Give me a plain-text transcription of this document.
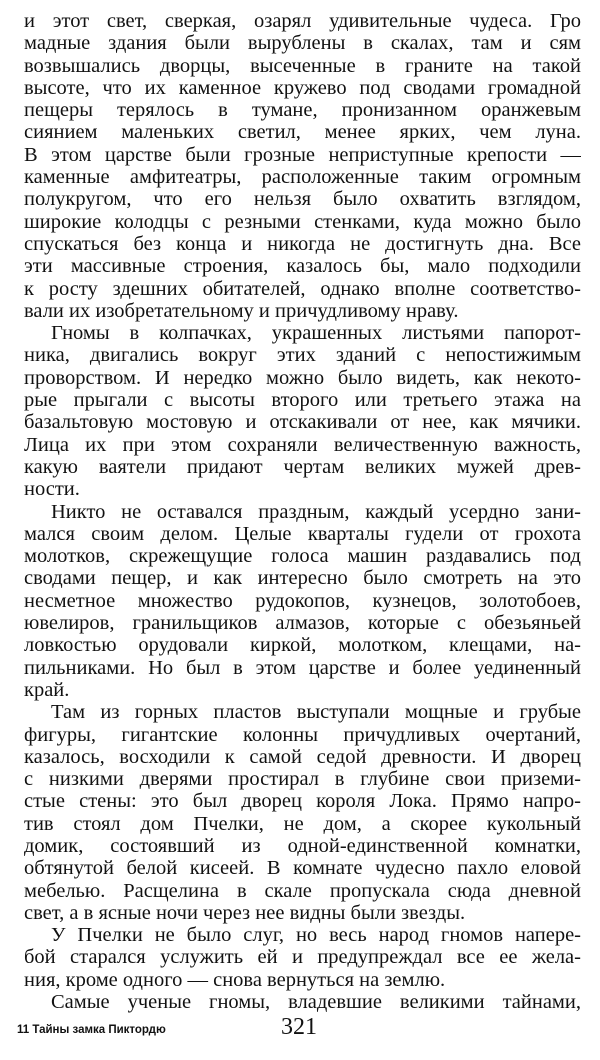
и этот свет, сверкая, озарял удивительные чудеса. Гро
мадные здания были вырублены в скалах, там и сям
возвышались дворцы, высеченные в граните на такой
высоте, что их каменное кружево под сводами громадной
пещеры терялось в тумане, пронизанном оранжевым
сиянием маленьких светил, менее ярких, чем луна.
В этом царстве были грозные неприступные крепости —
каменные амфитеатры, расположенные таким огромным
полукругом, что его нельзя было охватить взглядом,
широкие колодцы с резными стенками, куда можно было
спускаться без конца и никогда не достигнуть дна. Все
эти массивные строения, казалось бы, мало подходили
к росту здешних обитателей, однако вполне соответство-
вали их изобретательному и причудливому нраву.
Гномы в колпачках, украшенных листьями папорот-
ника, двигались вокруг этих зданий с непостижимым
проворством. И нередко можно было видеть, как некото-
рые прыгали с высоты второго или третьего этажа на
базальтовую мостовую и отскакивали от нее, как мячики.
Лица их при этом сохраняли величественную важность,
какую ваятели придают чертам великих мужей древ-
ности.
Никто не оставался праздным, каждый усердно зани-
мался своим делом. Целые кварталы гудели от грохота
молотков, скрежещущие голоса машин раздавались под
сводами пещер, и как интересно было смотреть на это
несметное множество рудокопов, кузнецов, золотобоев,
ювелиров, гранильщиков алмазов, которые с обезьяньей
ловкостью орудовали киркой, молотком, клещами, на-
пильниками. Но был в этом царстве и более уединенный
край.
Там из горных пластов выступали мощные и грубые
фигуры, гигантские колонны причудливых очертаний,
казалось, восходили к самой седой древности. И дворец
с низкими дверями простирал в глубине свои приземи-
стые стены: это был дворец короля Лока. Прямо напро-
тив стоял дом Пчелки, не дом, а скорее кукольный
домик, состоявший из одной-единственной комнатки,
обтянутой белой кисеей. В комнате чудесно пахло еловой
мебелью. Расщелина в скале пропускала сюда дневной
свет, а в ясные ночи через нее видны были звезды.
У Пчелки не было слуг, но весь народ гномов напере-
бой старался услужить ей и предупреждал все ее жела-
ния, кроме одного — снова вернуться на землю.
Самые ученые гномы, владевшие великими тайнами,
11 Тайны замка Пиктордю	321
